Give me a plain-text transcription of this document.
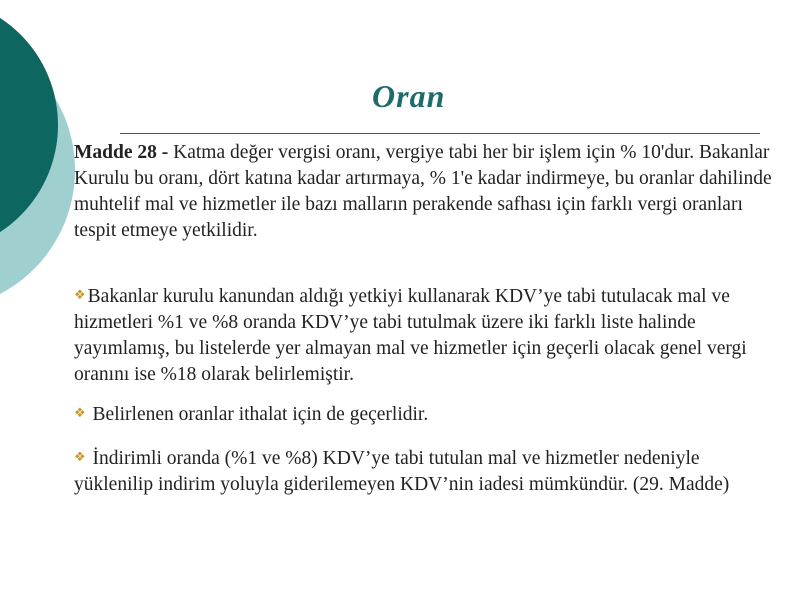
Oran

Madde 28 - Katma değer vergisi oranı, vergiye tabi her bir işlem için % 10'dur. Bakanlar Kurulu bu oranı, dört katına kadar artırmaya, % 1'e kadar indirmeye, bu oranlar dahilinde muhtelif mal ve hizmetler ile bazı malların perakende safhası için farklı vergi oranları tespit etmeye yetkilidir.

❖ Bakanlar kurulu kanundan aldığı yetkiyi kullanarak KDV’ye tabi tutulacak mal ve hizmetleri %1 ve %8 oranda KDV’ye tabi tutulmak üzere iki farklı liste halinde yayımlamış, bu listelerde yer almayan mal ve hizmetler için geçerli olacak genel vergi oranını ise %18 olarak belirlemiştir.
❖ Belirlenen oranlar ithalat için de geçerlidir.
❖ İndirimli oranda (%1 ve %8) KDV’ye tabi tutulan mal ve hizmetler nedeniyle yüklenilip indirim yoluyla giderilemeyen KDV’nin iadesi mümkündür. (29. Madde)
